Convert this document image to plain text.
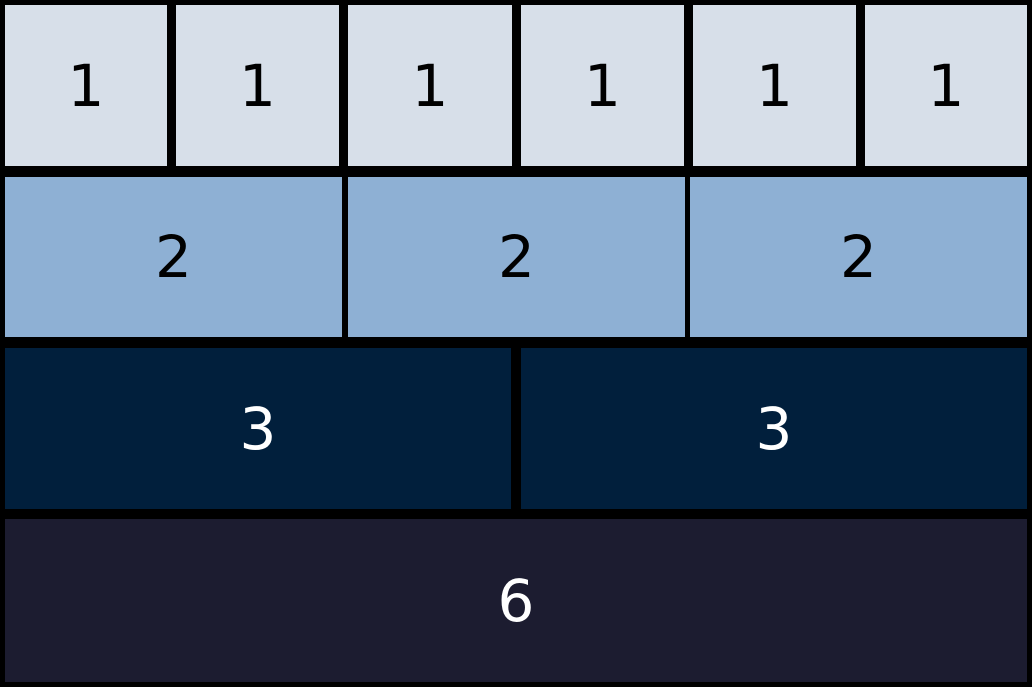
1	1	1	1	1	1
2	2	2
3	3
6
